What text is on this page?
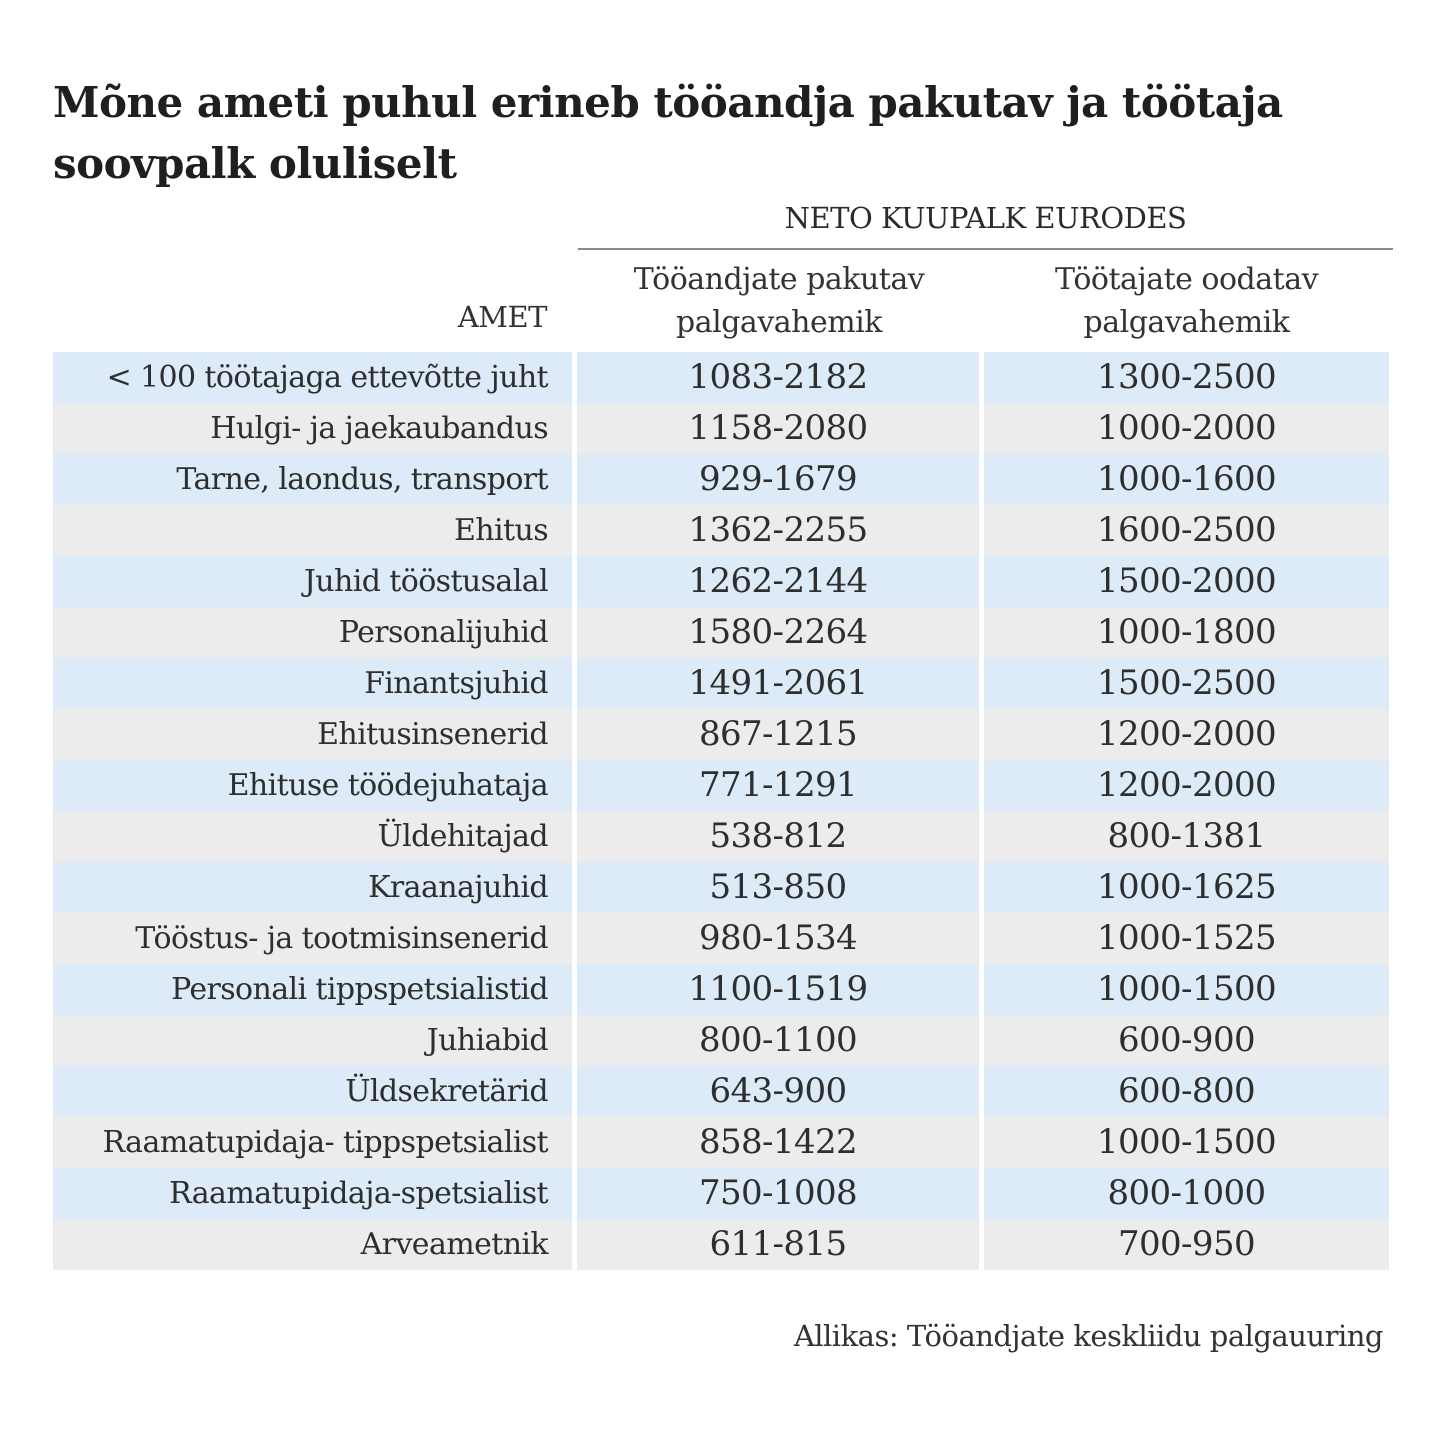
Mõne ameti puhul erineb tööandja pakutav ja töötaja soovpalk oluliselt
NETO KUUPALK EURODES
AMET
Tööandjate pakutav palgavahemik
Töötajate oodatav palgavahemik
< 100 töötajaga ettevõtte juht	1083-2182	1300-2500
Hulgi- ja jaekaubandus	1158-2080	1000-2000
Tarne, laondus, transport	929-1679	1000-1600
Ehitus	1362-2255	1600-2500
Juhid tööstusalal	1262-2144	1500-2000
Personalijuhid	1580-2264	1000-1800
Finantsjuhid	1491-2061	1500-2500
Ehitusinsenerid	867-1215	1200-2000
Ehituse töödejuhataja	771-1291	1200-2000
Üldehitajad	538-812	800-1381
Kraanajuhid	513-850	1000-1625
Tööstus- ja tootmisinsenerid	980-1534	1000-1525
Personali tippspetsialistid	1100-1519	1000-1500
Juhiabid	800-1100	600-900
Üldsekretärid	643-900	600-800
Raamatupidaja- tippspetsialist	858-1422	1000-1500
Raamatupidaja-spetsialist	750-1008	800-1000
Arveametnik	611-815	700-950
Allikas: Tööandjate keskliidu palgauuring
